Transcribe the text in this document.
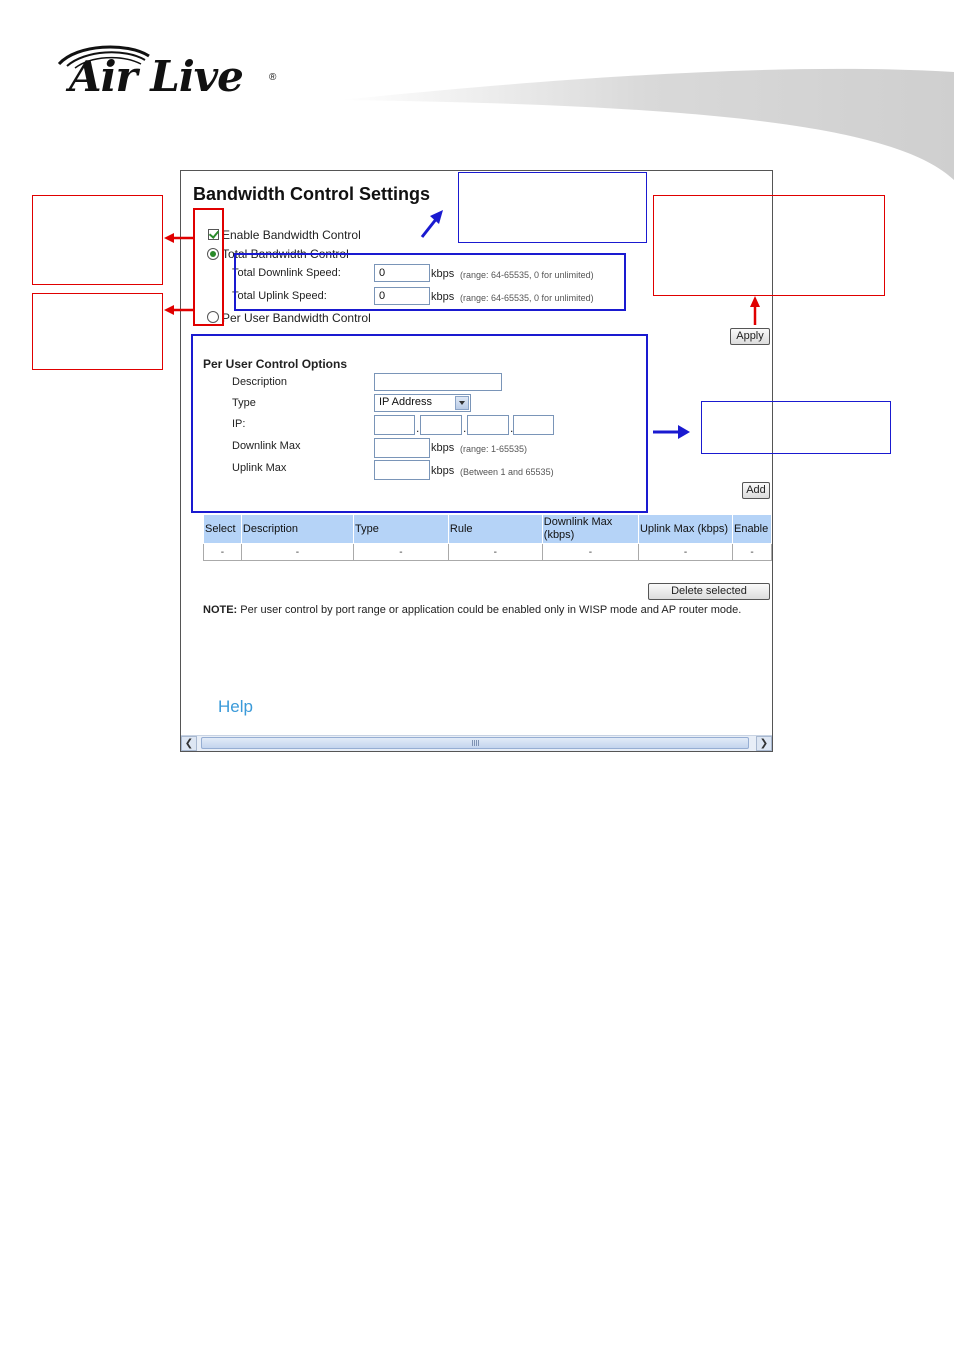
Air Live	®
Bandwidth Control Settings
Enable Bandwidth Control
Total Bandwidth Control
Total Downlink Speed:
0	kbps (range: 64-65535, 0 for unlimited)
Total Uplink Speed:
0	kbps (range: 64-65535, 0 for unlimited)
Per User Bandwidth Control
Apply
Per User Control Options
Description
Type	IP Address
IP:	.	.	.
Downlink Max	kbps (range: 1-65535)
Uplink Max	kbps (Between 1 and 65535)
Add
Select	Description	Type	Rule	Downlink Max (kbps)	Uplink Max (kbps)	Enable
-	-	-	-	-	-	-
Delete selected
NOTE: Per user control by port range or application could be enabled only in WISP mode and AP router mode.
Help
❮	❯
